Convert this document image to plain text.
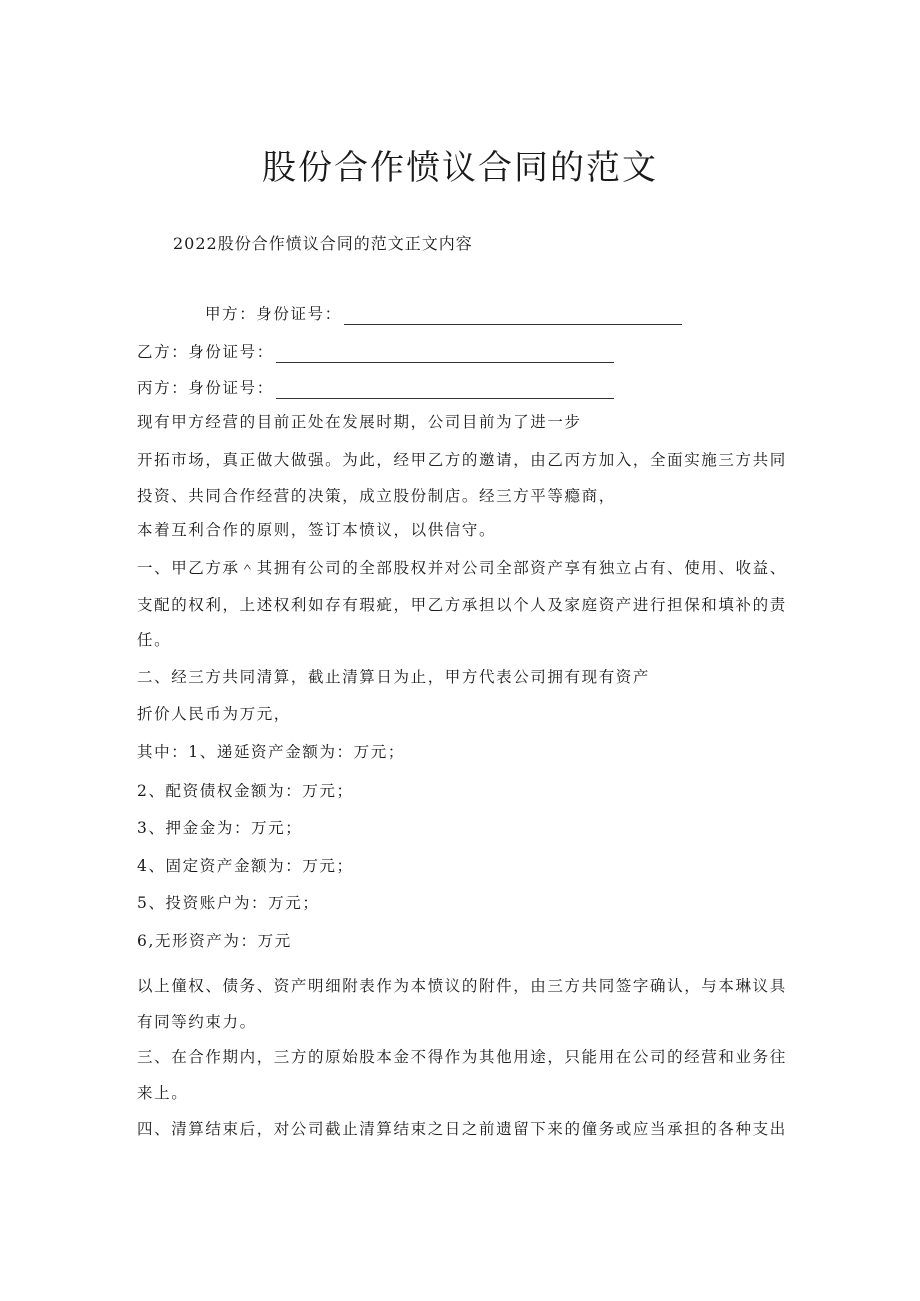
股份合作愤议合同的范文
2022股份合作愤议合同的范文正文内容
甲方：身份证号：
乙方：身份证号：
丙方：身份证号：
现有甲方经营的目前正处在发展时期，公司目前为了进一步
开拓市场，真正做大做强。为此，经甲乙方的邀请，由乙丙方加入，全面实施三方共同
投资、共同合作经营的决策，成立股份制店。经三方平等瘾商，
本着互利合作的原则，签订本愤议，以供信守。
一、甲乙方承＾其拥有公司的全部股权并对公司全部资产享有独立占有、使用、收益、
支配的权利，上述权利如存有瑕疵，甲乙方承担以个人及家庭资产进行担保和填补的责
任。
二、经三方共同清算，截止清算日为止，甲方代表公司拥有现有资产
折价人民币为万元，
其中：1、递延资产金额为：万元；
2、配资债权金额为：万元；
3、押金金为：万元；
4、固定资产金额为：万元；
5、投资账户为：万元；
6,无形资产为：万元
以上僮权、债务、资产明细附表作为本愤议的附件，由三方共同签字确认，与本琳议具
有同等约束力。
三、在合作期内，三方的原始股本金不得作为其他用途，只能用在公司的经营和业务往
来上。
四、清算结束后，对公司截止清算结束之日之前遗留下来的僮务或应当承担的各种支出
